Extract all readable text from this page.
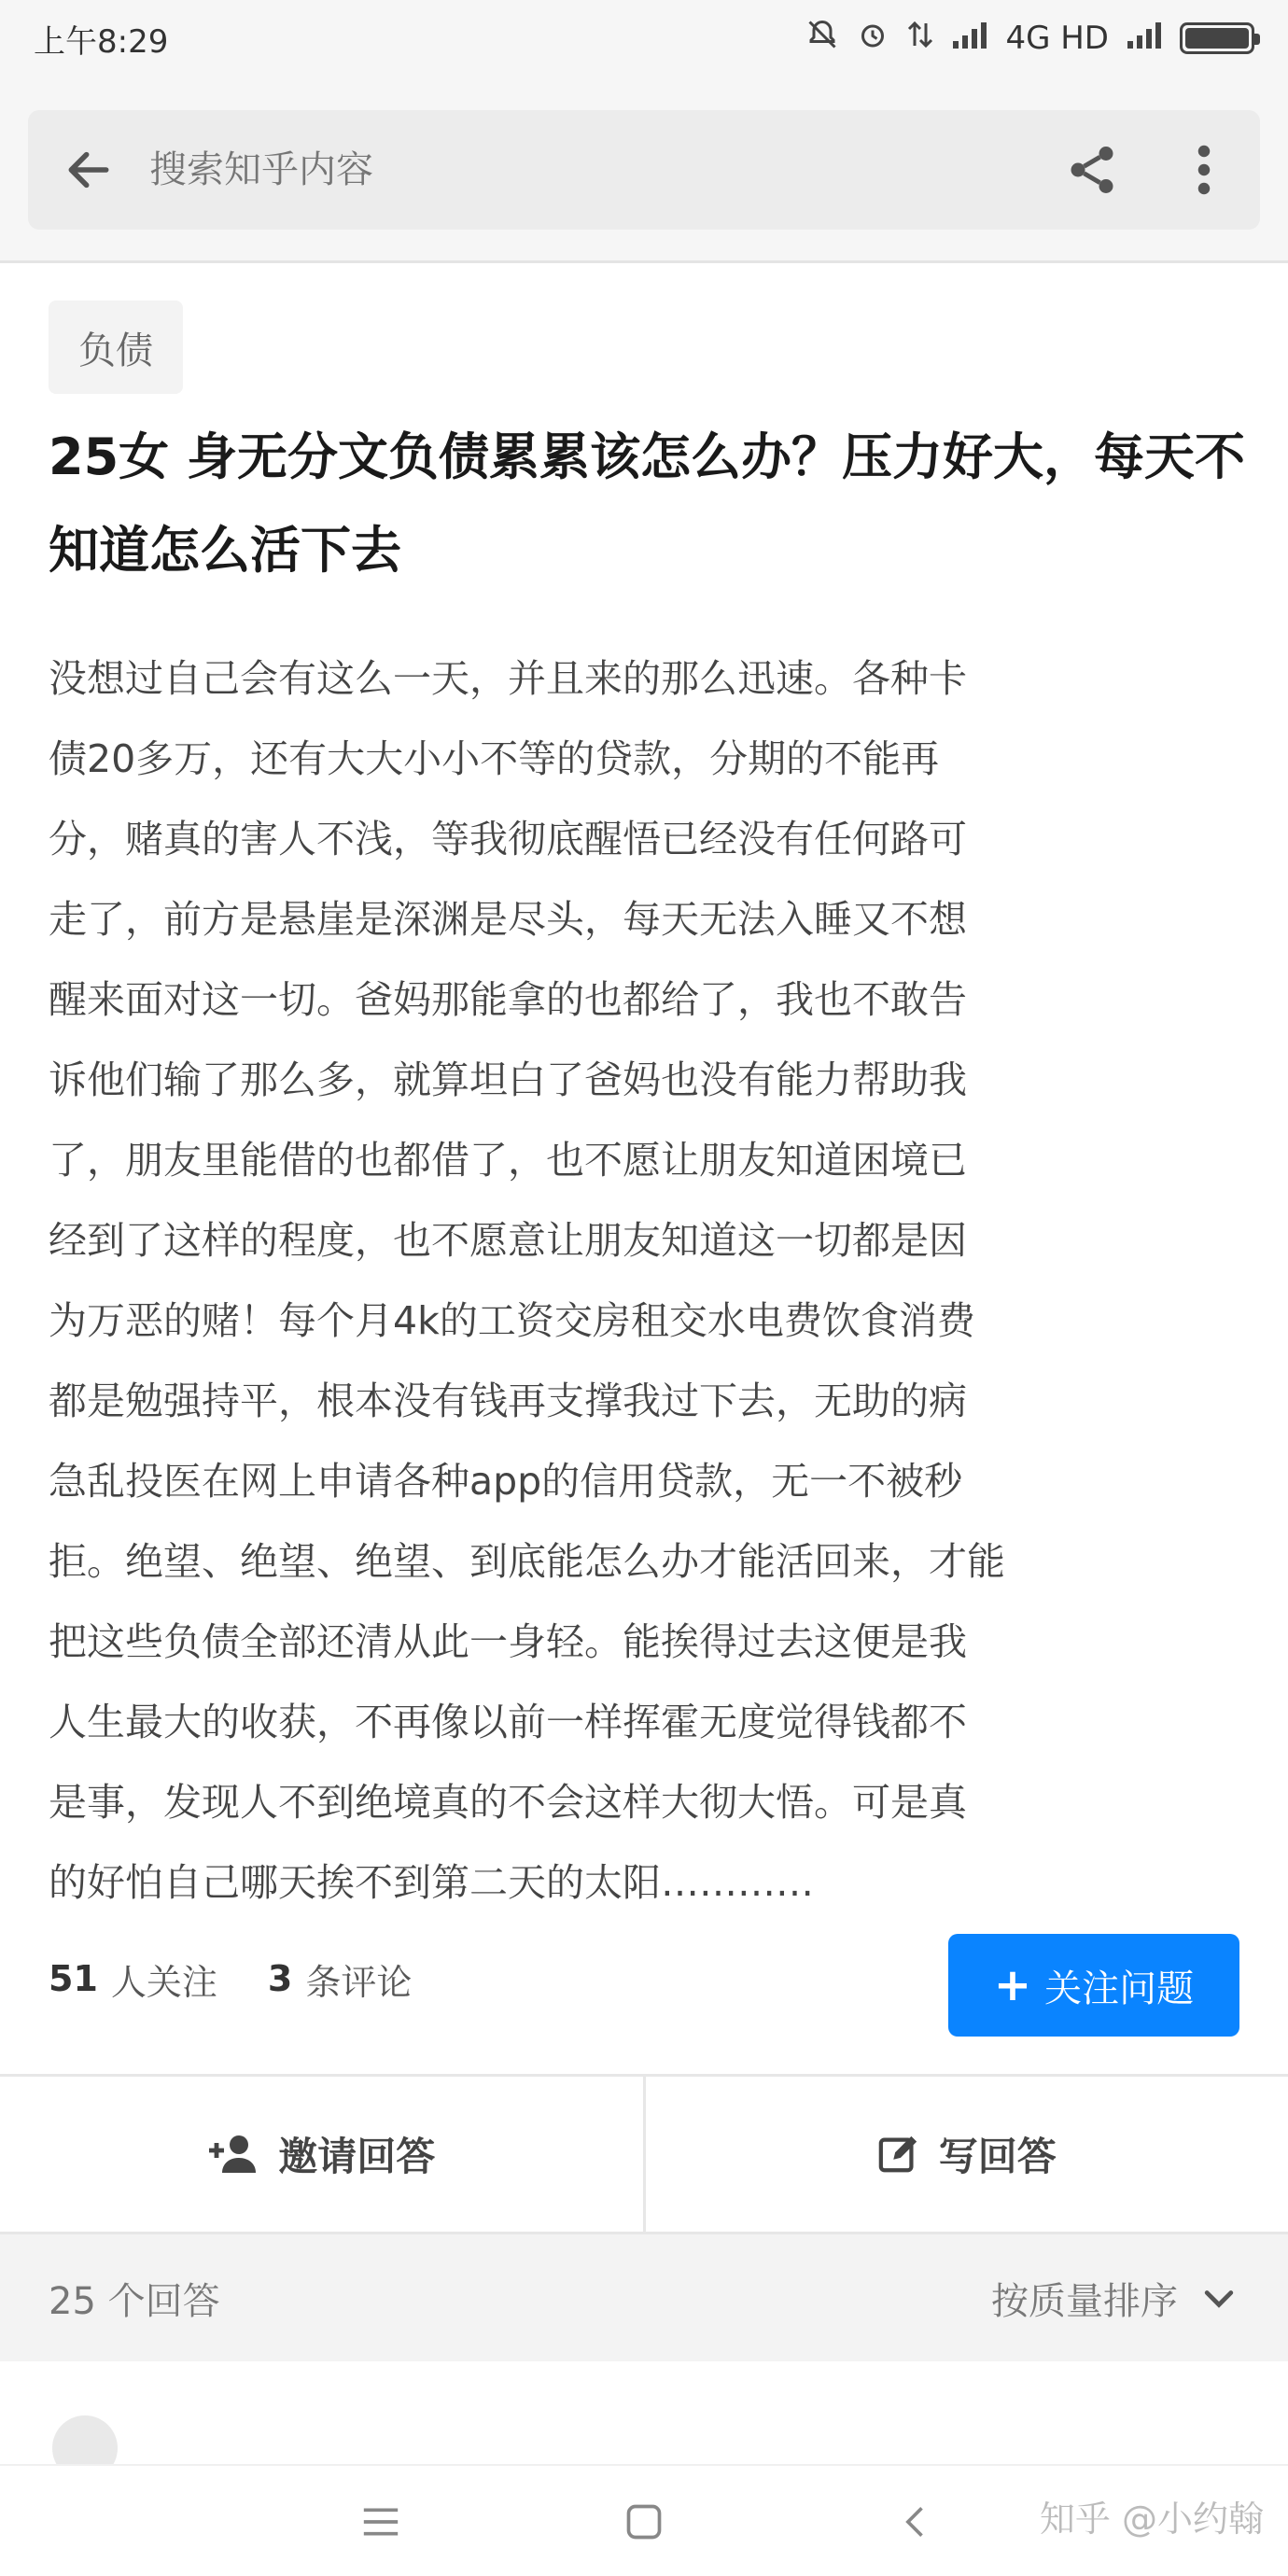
上午8:29	4G HD
搜索知乎内容
负债
25女 身无分文负债累累该怎么办？压力好大，每天不知道怎么活下去
没想过自己会有这么一天，并且来的那么迅速。各种卡
债20多万，还有大大小小不等的贷款，分期的不能再
分，赌真的害人不浅，等我彻底醒悟已经没有任何路可
走了，前方是悬崖是深渊是尽头，每天无法入睡又不想
醒来面对这一切。爸妈那能拿的也都给了，我也不敢告
诉他们输了那么多，就算坦白了爸妈也没有能力帮助我
了，朋友里能借的也都借了，也不愿让朋友知道困境已
经到了这样的程度，也不愿意让朋友知道这一切都是因
为万恶的赌！每个月4k的工资交房租交水电费饮食消费
都是勉强持平，根本没有钱再支撑我过下去，无助的病
急乱投医在网上申请各种app的信用贷款，无一不被秒
拒。绝望、绝望、绝望、到底能怎么办才能活回来，才能
把这些负债全部还清从此一身轻。能挨得过去这便是我
人生最大的收获，不再像以前一样挥霍无度觉得钱都不
是事，发现人不到绝境真的不会这样大彻大悟。可是真
的好怕自己哪天挨不到第二天的太阳…………
51 人关注 3 条评论	+ 关注问题
邀请回答	写回答
25 个回答	按质量排序
知乎 @小约翰
